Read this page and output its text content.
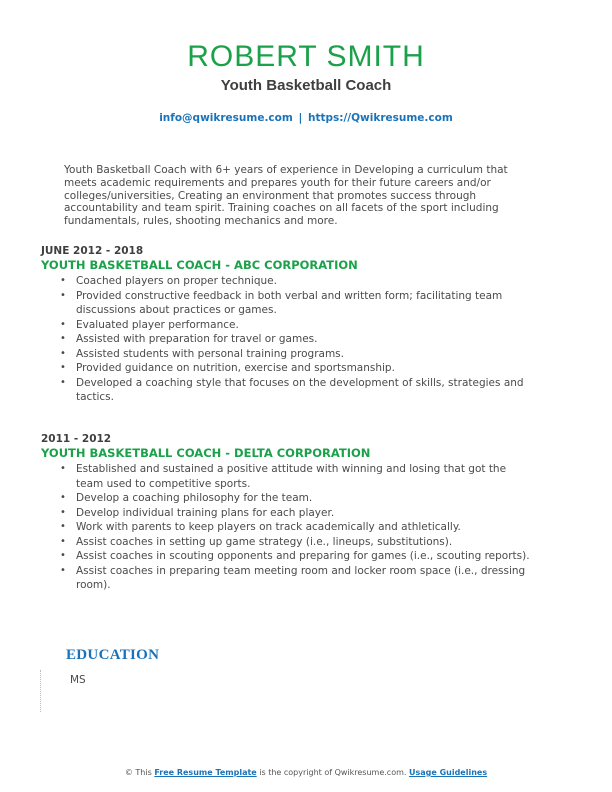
ROBERT SMITH
Youth Basketball Coach
info@qwikresume.com | https://Qwikresume.com
Youth Basketball Coach with 6+ years of experience in Developing a curriculum that meets academic requirements and prepares youth for their future careers and/or colleges/universities, Creating an environment that promotes success through accountability and team spirit. Training coaches on all facets of the sport including fundamentals, rules, shooting mechanics and more.
JUNE 2012 - 2018
YOUTH BASKETBALL COACH - ABC CORPORATION
• Coached players on proper technique.
• Provided constructive feedback in both verbal and written form; facilitating team discussions about practices or games.
• Evaluated player performance.
• Assisted with preparation for travel or games.
• Assisted students with personal training programs.
• Provided guidance on nutrition, exercise and sportsmanship.
• Developed a coaching style that focuses on the development of skills, strategies and tactics.
2011 - 2012
YOUTH BASKETBALL COACH - DELTA CORPORATION
• Established and sustained a positive attitude with winning and losing that got the team used to competitive sports.
• Develop a coaching philosophy for the team.
• Develop individual training plans for each player.
• Work with parents to keep players on track academically and athletically.
• Assist coaches in setting up game strategy (i.e., lineups, substitutions).
• Assist coaches in scouting opponents and preparing for games (i.e., scouting reports).
• Assist coaches in preparing team meeting room and locker room space (i.e., dressing room).
EDUCATION
MS
© This Free Resume Template is the copyright of Qwikresume.com. Usage Guidelines
